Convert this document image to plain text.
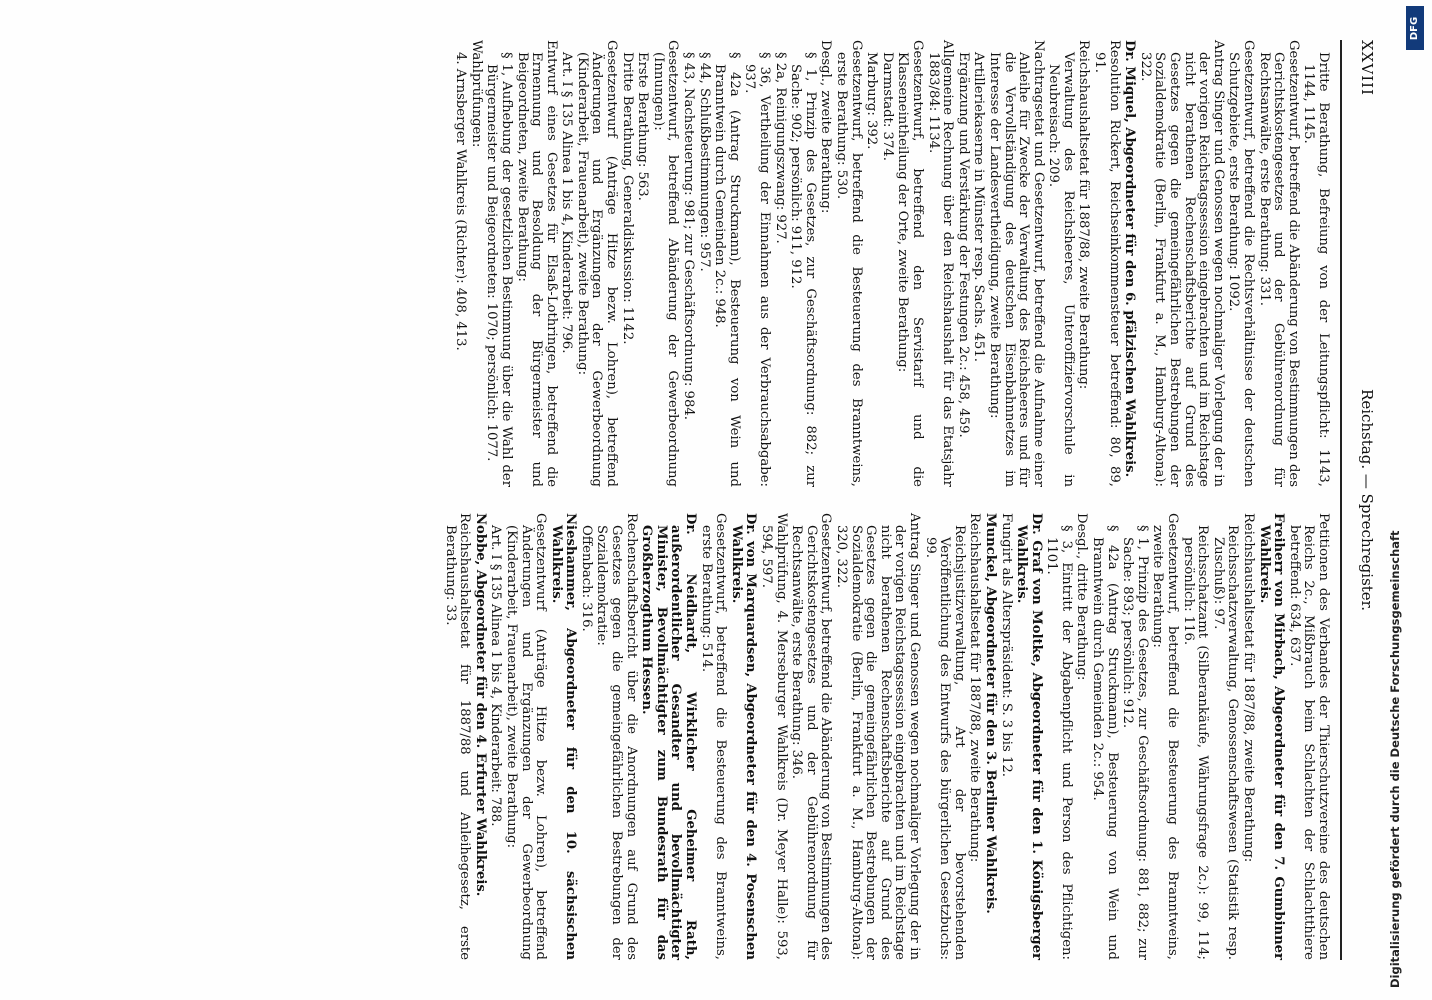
XXVIII
Reichstag. — Sprechregister.
Dritte Berathung, Befreiung von der Leitungspflicht: 1143, 1144, 1145.
Gesetzentwurf, betreffend die Abänderung von Bestimmungen des Gerichtskostengesetzes und der Gebührenordnung für Rechtsanwälte, erste Berathung: 331.
Gesetzentwurf, betreffend die Rechtsverhältnisse der deutschen Schutzgebiete, erste Berathung: 1092.
Antrag Singer und Genossen wegen nochmaliger Vorlegung der in der vorigen Reichstagssession eingebrachten und im Reichstage nicht berathenen Rechenschaftsberichte auf Grund des Gesetzes gegen die gemeingefährlichen Bestrebungen der Sozialdemokratie (Berlin, Frankfurt a. M., Hamburg-Altona): 322.
Dr. Miquel, Abgeordneter für den 6. pfälzischen Wahlkreis.
Resolution Rickert, Reichseinkommensteuer betreffend: 80, 89, 91.
Reichshaushaltsetat für 1887/88, zweite Berathung:
Verwaltung des Reichsheeres, Unteroffiziervorschule in Neubreisach: 209.
Nachtragsetat und Gesetzentwurf, betreffend die Aufnahme einer Anleihe für Zwecke der Verwaltung des Reichsheeres und für die Vervollständigung des deutschen Eisenbahnnetzes im Interesse der Landesvertheidigung, zweite Berathung:
Artilleriekaserne in Münster resp. Sachs. 451.
Ergänzung und Verstärkung der Festungen 2c.: 458, 459.
Allgemeine Rechnung über den Reichshaushalt für das Etatsjahr 1883/84: 1134.
Gesetzentwurf, betreffend den Servistarif und die Klasseneintheilung der Orte, zweite Berathung:
Darmstadt: 374.
Marburg: 392.
Gesetzentwurf, betreffend die Besteuerung des Branntweins, erste Berathung: 530.
Desgl., zweite Berathung:
§ 1, Prinzip des Gesetzes, zur Geschäftsordnung: 882; zur Sache: 902; persönlich: 911, 912.
§ 2a, Reinigungszwang: 927.
§ 36, Vertheilung der Einnahmen aus der Verbrauchsabgabe: 937.
§ 42a (Antrag Struckmann), Besteuerung von Wein und Branntwein durch Gemeinden 2c.: 948.
§ 44, Schlußbestimmungen: 957.
§ 43, Nachsteuerung: 981; zur Geschäftsordnung: 984.
Gesetzentwurf, betreffend Abänderung der Gewerbeordnung (Innungen):
Erste Berathung: 563.
Dritte Berathung, Generaldiskussion: 1142.
Gesetzentwurf (Anträge Hitze bezw. Lohren), betreffend Änderungen und Ergänzungen der Gewerbeordnung (Kinderarbeit, Frauenarbeit), zweite Berathung:
Art. I § 135 Alinea 1 bis 4, Kinderarbeit: 796.
Entwurf eines Gesetzes für Elsaß-Lothringen, betreffend die Ernennung und Besoldung der Bürgermeister und Beigeordneten, zweite Berathung:
§ 1, Aufhebung der gesetzlichen Bestimmung über die Wahl der Bürgermeister und Beigeordneten: 1070; persönlich: 1077.
Wahlprüfungen:
4. Arnsberger Wahlkreis (Richter): 408, 413.
Petitionen des Verbandes der Thierschutzvereine des deutschen Reichs 2c., Mißbrauch beim Schlachten der Schlachtthiere betreffend: 634, 637.
Freiherr von Mirbach, Abgeordneter für den 7. Gumbinner Wahlkreis.
Reichshaushaltsetat für 1887/88, zweite Berathung:
Reichsschatzverwaltung, Genossenschaftswesen (Statistik resp. Zuschuß): 97.
Reichsschatzamt (Silberankäufe, Währungsfrage 2c.): 99, 114; persönlich: 116.
Gesetzentwurf, betreffend die Besteuerung des Branntweins, zweite Berathung:
§ 1, Prinzip des Gesetzes, zur Geschäftsordnung: 881, 882; zur Sache: 893; persönlich: 912.
§ 42a (Antrag Struckmann), Besteuerung von Wein und Branntwein durch Gemeinden 2c.: 954.
Desgl., dritte Berathung:
§ 3, Eintritt der Abgabenpflicht und Person des Pflichtigen: 1101.
Dr. Graf von Moltke, Abgeordneter für den 1. Königsberger Wahlkreis.
Fungirt als Alterspräsident: S. 3 bis 12.
Munckel, Abgeordneter für den 3. Berliner Wahlkreis.
Reichshaushaltsetat für 1887/88, zweite Berathung:
Reichsjustizverwaltung, Art der bevorstehenden Veröffentlichung des Entwurfs des bürgerlichen Gesetzbuchs: 99.
Antrag Singer und Genossen wegen nochmaliger Vorlegung der in der vorigen Reichstagssession eingebrachten und im Reichstage nicht berathenen Rechenschaftsberichte auf Grund des Gesetzes gegen die gemeingefährlichen Bestrebungen der Sozialdemokratie (Berlin, Frankfurt a. M., Hamburg-Altona): 320, 322.
Gesetzentwurf, betreffend die Abänderung von Bestimmungen des Gerichtskostengesetzes und der Gebührenordnung für Rechtsanwälte, erste Berathung: 346.
Wahlprüfung, 4. Merseburger Wahlkreis (Dr. Meyer Halle): 593, 594, 597.
Dr. von Marquardsen, Abgeordneter für den 4. Posenschen Wahlkreis.
Gesetzentwurf, betreffend die Besteuerung des Branntweins, erste Berathung: 514.
Dr. Neidhardt, Wirklicher Geheimer Rath, außerordentlicher Gesandter und bevollmächtigter Minister, Bevollmächtigter zum Bundesrath für das Großherzogthum Hessen.
Rechenschaftsbericht über die Anordnungen auf Grund des Gesetzes gegen die gemeingefährlichen Bestrebungen der Sozialdemokratie:
Offenbach: 316.
Nieshammer, Abgeordneter für den 10. sächsischen Wahlkreis.
Gesetzentwurf (Anträge Hitze bezw. Lohren), betreffend Änderungen und Ergänzungen der Gewerbeordnung (Kinderarbeit, Frauenarbeit), zweite Berathung:
Art. I § 135 Alinea 1 bis 4, Kinderarbeit: 788.
Nobbe, Abgeordneter für den 4. Erfurter Wahlkreis.
Reichshaushaltsetat für 1887/88 und Anleihegesetz, erste Berathung: 33.	Digitalisierung gefördert durch die Deutsche Forschungsgemeinschaft
DFG
